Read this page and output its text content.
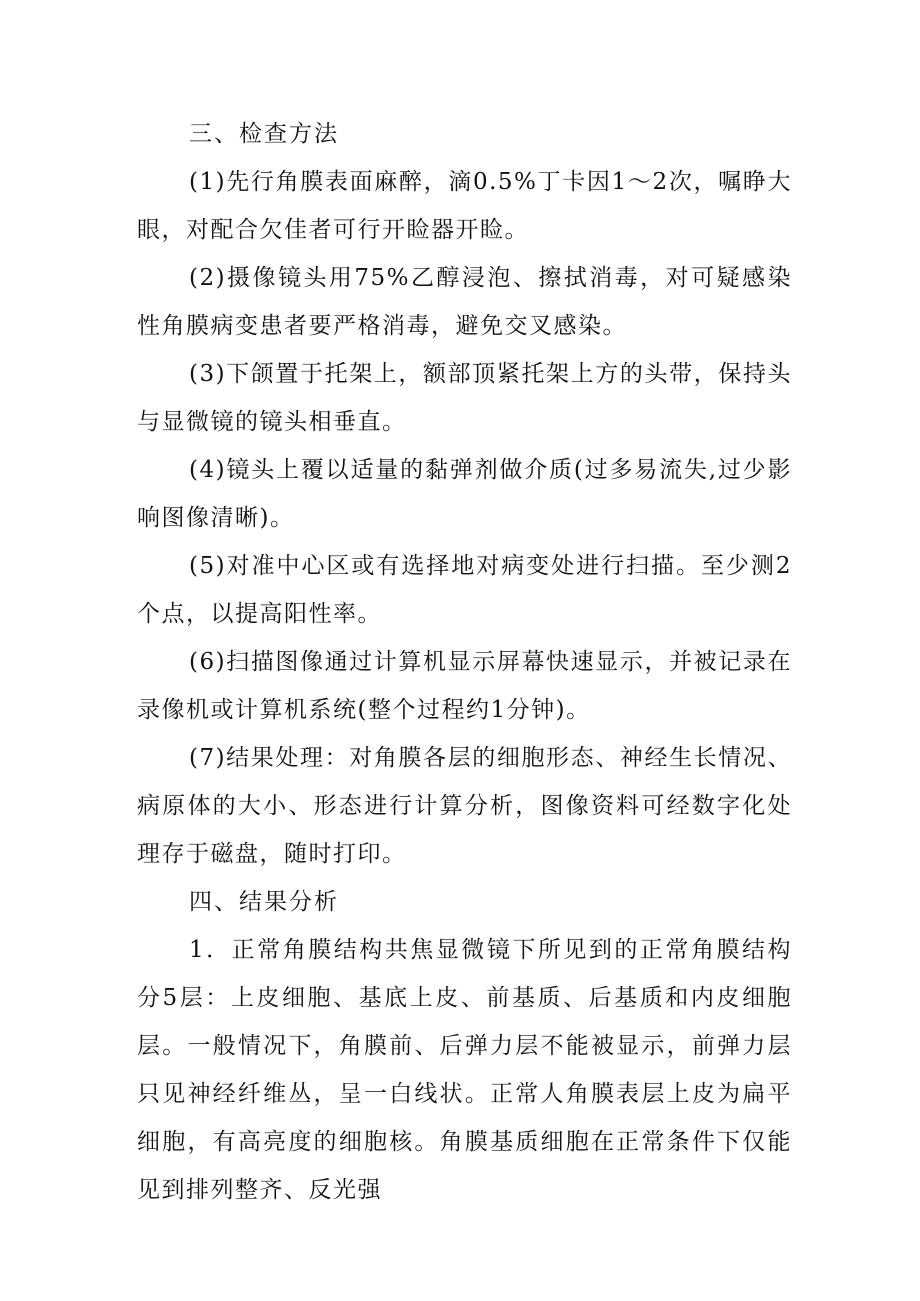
三、检查方法

(1)先行角膜表面麻醉，滴0.5%丁卡因1～2次，嘱睁大眼，对配合欠佳者可行开睑器开睑。

(2)摄像镜头用75%乙醇浸泡、擦拭消毒，对可疑感染性角膜病变患者要严格消毒，避免交叉感染。

(3)下颌置于托架上，额部顶紧托架上方的头带，保持头与显微镜的镜头相垂直。

(4)镜头上覆以适量的黏弹剂做介质(过多易流失,过少影响图像清晰)。

(5)对准中心区或有选择地对病变处进行扫描。至少测2个点，以提高阳性率。

(6)扫描图像通过计算机显示屏幕快速显示，并被记录在录像机或计算机系统(整个过程约1分钟)。

(7)结果处理：对角膜各层的细胞形态、神经生长情况、病原体的大小、形态进行计算分析，图像资料可经数字化处理存于磁盘，随时打印。

四、结果分析

1．正常角膜结构共焦显微镜下所见到的正常角膜结构分5层：上皮细胞、基底上皮、前基质、后基质和内皮细胞层。一般情况下，角膜前、后弹力层不能被显示，前弹力层只见神经纤维丛，呈一白线状。正常人角膜表层上皮为扁平细胞，有高亮度的细胞核。角膜基质细胞在正常条件下仅能见到排列整齐、反光强
